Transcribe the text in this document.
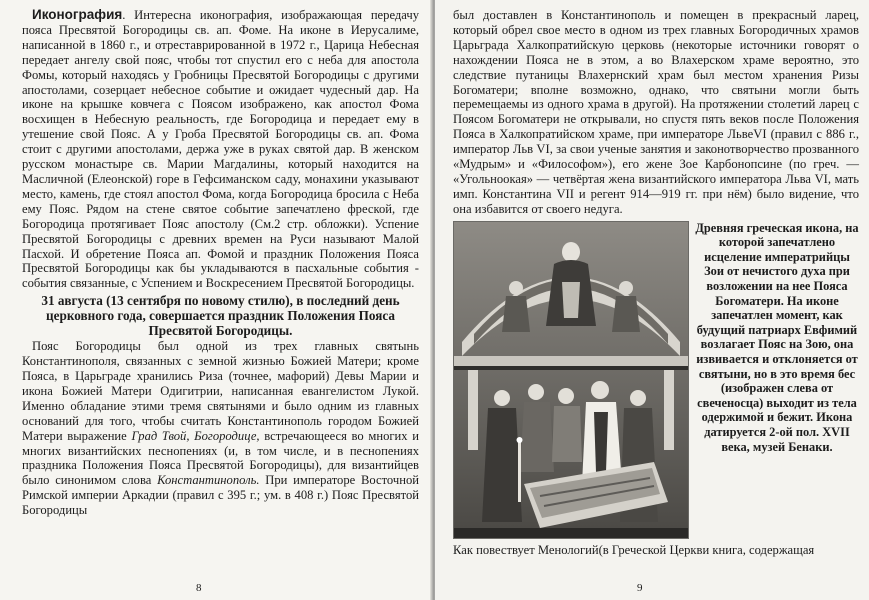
Иконография. Интересна иконография, изображающая передачу пояса Пресвятой Богородицы св. ап. Фоме. На иконе в Иерусалиме, написанной в 1860 г., и отреставрированной в 1972 г., Царица Небесная передает ангелу свой пояс, чтобы тот спустил его с неба для апостола Фомы, который находясь у Гробницы Пресвятой Богородицы с другими апостолами, созерцает небесное событие и ожидает чудесный дар. На иконе на крышке ковчега с Поясом изображено, как апостол Фома восхищен в Небесную реальность, где Богородица и передает ему в утешение свой Пояс. А у Гроба Пресвятой Богородицы св. ап. Фома стоит с другими апостолами, держа уже в руках святой дар. В женском русском монастыре св. Марии Магдалины, который находится на Масличной (Елеонской) горе в Гефсиманском саду, монахини указывают место, камень, где стоял апостол Фома, когда Богородица бросила с Неба ему Пояс. Рядом на стене святое событие запечатлено фреской, где Богородица протягивает Пояс апостолу (См.2 стр. обложки). Успение Пресвятой Богородицы с древних времен на Руси называют Малой Пасхой. И обретение Пояса ап. Фомой и праздник Положения Пояса Пресвятой Богородицы как бы укладываются в пасхальные события - события связанные, с Успением и Воскресением Пресвятой Богородицы.

31 августа (13 сентября по новому стилю), в последний день церковного года, совершается праздник Положения Пояса Пресвятой Богородицы.

Пояс Богородицы был одной из трех главных святынь Константинополя, связанных с земной жизнью Божией Матери; кроме Пояса, в Царьграде хранились Риза (точнее, мафорий) Девы Марии и икона Божией Матери Одигитрии, написанная евангелистом Лукой. Именно обладание этими тремя святынями и было одним из главных оснований для того, чтобы считать Константинополь городом Божией Матери выражение Град Твой, Богородице, встречающееся во многих и многих византийских песнопениях (и, в том числе, и в песнопениях праздника Положения Пояса Пресвятой Богородицы), для византийцев было синонимом слова Константинополь. При императоре Восточной Римской империи Аркадии (правил с 395 г.; ум. в 408 г.) Пояс Пресвятой Богородицы

8

был доставлен в Константинополь и помещен в прекрасный ларец, который обрел свое место в одном из трех главных Богородичных храмов Царьграда Халкопратийскую церковь (некоторые источники говорят о нахождении Пояса не в этом, а во Влахерском храме вероятно, это следствие путаницы Влахернский храм был местом хранения Ризы Богоматери; вполне возможно, однако, что святыни могли быть перемещаемы из одного храма в другой). На протяжении столетий ларец с Поясом Богоматери не открывали, но спустя пять веков после Положения Пояса в Халкопратийском храме, при императоре ЛьвеVI (правил с 886 г., император Льв VI, за свои ученые занятия и законотворчество прозванного «Мудрым» и «Философом»), его жене Зое Карбонопсине (по греч. — «Угольноокая» — четвёртая жена византийского императора Льва VI, мать имп. Константина VII и регент 914—919 гг. при нём) было видение, что она избавится от своего недуга.

Древняя греческая икона, на которой запечатлено исцеление императрийцы Зои от нечистого духа при возложении на нее Пояса Богоматери. На иконе запечатлен момент, как будущий патриарх Евфимий возлагает Пояс на Зою, она извивается и отклоняется от святыни, но в это время бес (изображен слева от свеченосца) выходит из тела одержимой и бежит. Икона датируется 2-ой пол. XVII века, музей Бенаки.
Как повествует Менологий(в Греческой Церкви книга, содержащая
9
